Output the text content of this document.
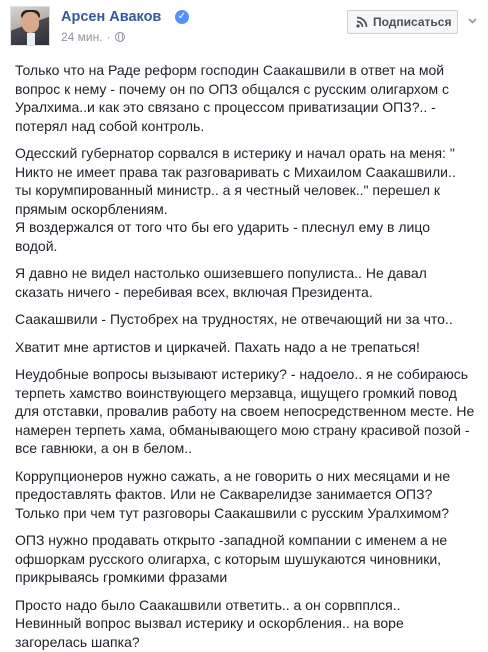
Арсен Аваков ✓
24 мин. ·
Подписаться
Только что на Раде реформ господин Саакашвили в ответ на мой
вопрос к нему - почему он по ОПЗ общался с русским олигархом с
Уралхима..и как это связано с процессом приватизации ОПЗ?.. -
потерял над собой контроль.
Одесский губернатор сорвался в истерику и начал орать на меня: "
Никто не имеет права так разговаривать с Михаилом Саакашвили..
ты корумпированный министр.. а я честный человек.." перешел к
прямым оскорблениям.
Я воздержался от того что бы его ударить - плеснул ему в лицо
водой.
Я давно не видел настолько ошизевшего популиста.. Не давал
сказать ничего - перебивая всех, включая Президента.
Саакашвили - Пустобрех на трудностях, не отвечающий ни за что..
Хватит мне артистов и циркачей. Пахать надо а не трепаться!
Неудобные вопросы вызывают истерику? - надоело.. я не собираюсь
терпеть хамство воинствующего мерзавца, ищущего громкий повод
для отставки, провалив работу на своем непосредственном месте. Не
намерен терпеть хама, обманывающего мою страну красивой позой -
все гавнюки, а он в белом..
Коррупционеров нужно сажать, а не говорить о них месяцами и не
предоставлять фактов. Или не Сакварелидзе занимается ОПЗ?
Только при чем тут разговоры Саакашвили с русским Уралхимом?
ОПЗ нужно продавать открыто -западной компании с именем а не
офшоркам русского олигарха, с которым шушукаются чиновники,
прикрываясь громкими фразами
Просто надо было Саакашвили ответить.. а он сорвпплся..
Невинный вопрос вызвал истерику и оскорбления.. на воре
загорелась шапка?
